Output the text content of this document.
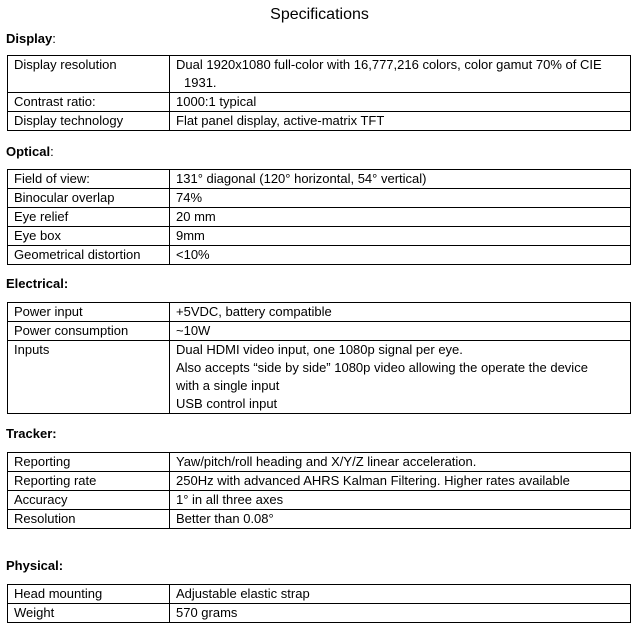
Specifications
Display:
Display resolution	Dual 1920x1080 full-color with 16,777,216 colors, color gamut 70% of CIE
1931.

Contrast ratio:	1000:1 typical
Display technology	Flat panel display, active-matrix TFT
Optical:
Field of view:	131° diagonal (120° horizontal, 54° vertical)
Binocular overlap	74%
Eye relief	20 mm
Eye box	9mm
Geometrical distortion	<10%
Electrical:
Power input	+5VDC, battery compatible
Power consumption	~10W
Inputs	Dual HDMI video input, one 1080p signal per eye.
Also accepts “side by side” 1080p video allowing the operate the device
with a single input
USB control input
Tracker:
Reporting	Yaw/pitch/roll heading and X/Y/Z linear acceleration.
Reporting rate	250Hz with advanced AHRS Kalman Filtering. Higher rates available
Accuracy	1° in all three axes
Resolution	Better than 0.08°
Physical:
Head mounting	Adjustable elastic strap
Weight	570 grams
